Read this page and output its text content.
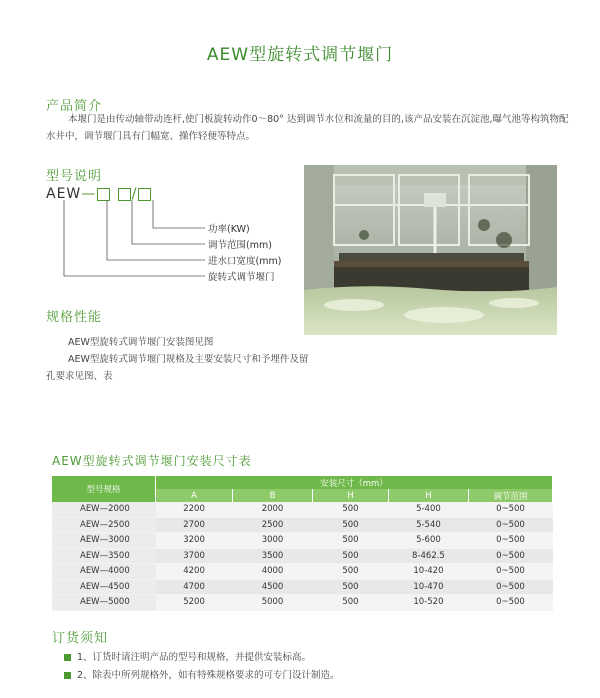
AEW型旋转式调节堰门
产品简介
本堰门是由传动轴带动连杆,使门板旋转动作0～80° 达到调节水位和流量的目的,该产品安装在沉淀池,曝气池等构筑物配
水井中，调节堰门具有门幅宽、操作轻便等特点。
型号说明
AEW—	/
功率(KW)
调节范围(mm)
进水口宽度(mm)
旋转式调节堰门
规格性能
AEW型旋转式调节堰门安装图见图
AEW型旋转式调节堰门规格及主要安装尺寸和予埋件及留
孔要求见图、表
AEW型旋转式调节堰门安装尺寸表
型号规格	安装尺寸（mm）				
	A	B	H	H	调节范围
AEW—2000	2200	2000	500	5-400	0~500
AEW—2500	2700	2500	500	5-540	0~500
AEW—3000	3200	3000	500	5-600	0~500
AEW—3500	3700	3500	500	8-462.5	0~500
AEW—4000	4200	4000	500	10-420	0~500
AEW—4500	4700	4500	500	10-470	0~500
AEW—5000	5200	5000	500	10-520	0~500
订货须知
1、订货时请注明产品的型号和规格，并提供安装标高。
2、除表中所列规格外，如有特殊规格要求的可专门设计制造。
